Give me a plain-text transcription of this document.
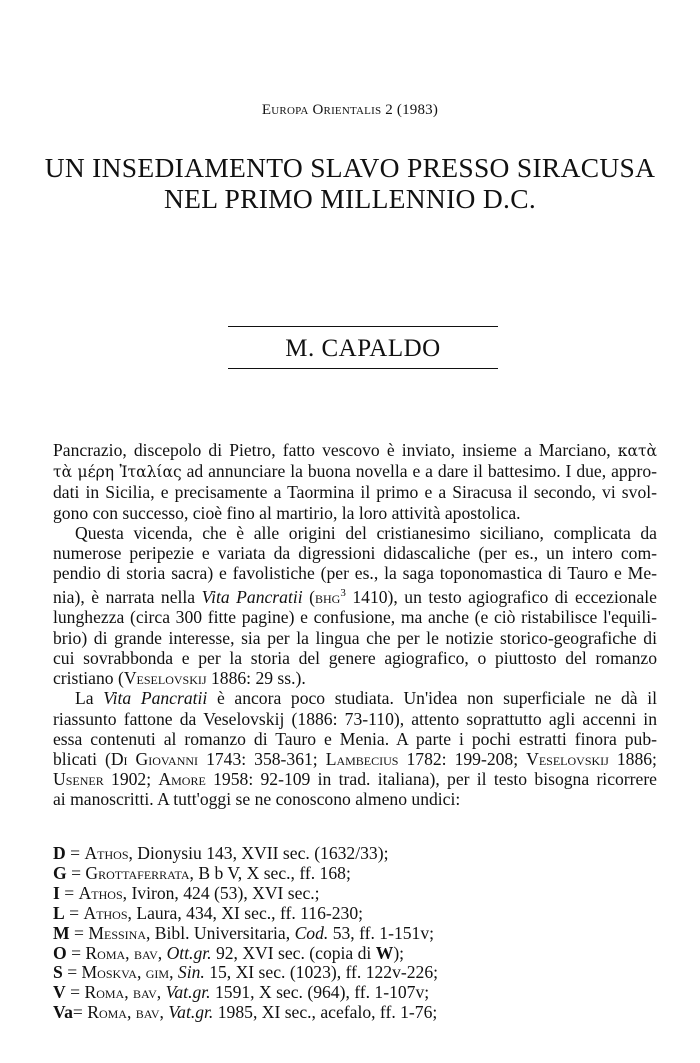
Europa Orientalis 2 (1983)
UN INSEDIAMENTO SLAVO PRESSO SIRACUSA
NEL PRIMO MILLENNIO D.C.
M. CAPALDO
Pancrazio, discepolo di Pietro, fatto vescovo è inviato, insieme a Marciano, κατὰ
τὰ μέρη Ἰταλίας ad annunciare la buona novella e a dare il battesimo. I due, appro-
dati in Sicilia, e precisamente a Taormina il primo e a Siracusa il secondo, vi svol-
gono con successo, cioè fino al martirio, la loro attività apostolica.
Questa vicenda, che è alle origini del cristianesimo siciliano, complicata da
numerose peripezie e variata da digressioni didascaliche (per es., un intero com-
pendio di storia sacra) e favolistiche (per es., la saga toponomastica di Tauro e Me-
nia), è narrata nella Vita Pancratii (bhg$^3$ 1410), un testo agiografico di eccezionale
lunghezza (circa 300 fitte pagine) e confusione, ma anche (e ciò ristabilisce l'equili-
brio) di grande interesse, sia per la lingua che per le notizie storico-geografiche di
cui sovrabbonda e per la storia del genere agiografico, o piuttosto del romanzo
cristiano (Veselovskij 1886: 29 ss.).
La Vita Pancratii è ancora poco studiata. Un'idea non superficiale ne dà il
riassunto fattone da Veselovskij (1886: 73-110), attento soprattutto agli accenni in
essa contenuti al romanzo di Tauro e Menia. A parte i pochi estratti finora pub-
blicati (Di Giovanni 1743: 358-361; Lambecius 1782: 199-208; Veselovskij 1886;
Usener 1902; Amore 1958: 92-109 in trad. italiana), per il testo bisogna ricorrere
ai manoscritti. A tutt'oggi se ne conoscono almeno undici:
D = Athos, Dionysiu 143, XVII sec. (1632/33);
G = Grottaferrata, B b V, X sec., ff. 168;
I = Athos, Iviron, 424 (53), XVI sec.;
L = Athos, Laura, 434, XI sec., ff. 116-230;
M = Messina, Bibl. Universitaria, Cod. 53, ff. 1-151v;
O = Roma, bav, Ott.gr. 92, XVI sec. (copia di W);
S = Moskva, gim, Sin. 15, XI sec. (1023), ff. 122v-226;
V = Roma, bav, Vat.gr. 1591, X sec. (964), ff. 1-107v;
Va= Roma, bav, Vat.gr. 1985, XI sec., acefalo, ff. 1-76;
